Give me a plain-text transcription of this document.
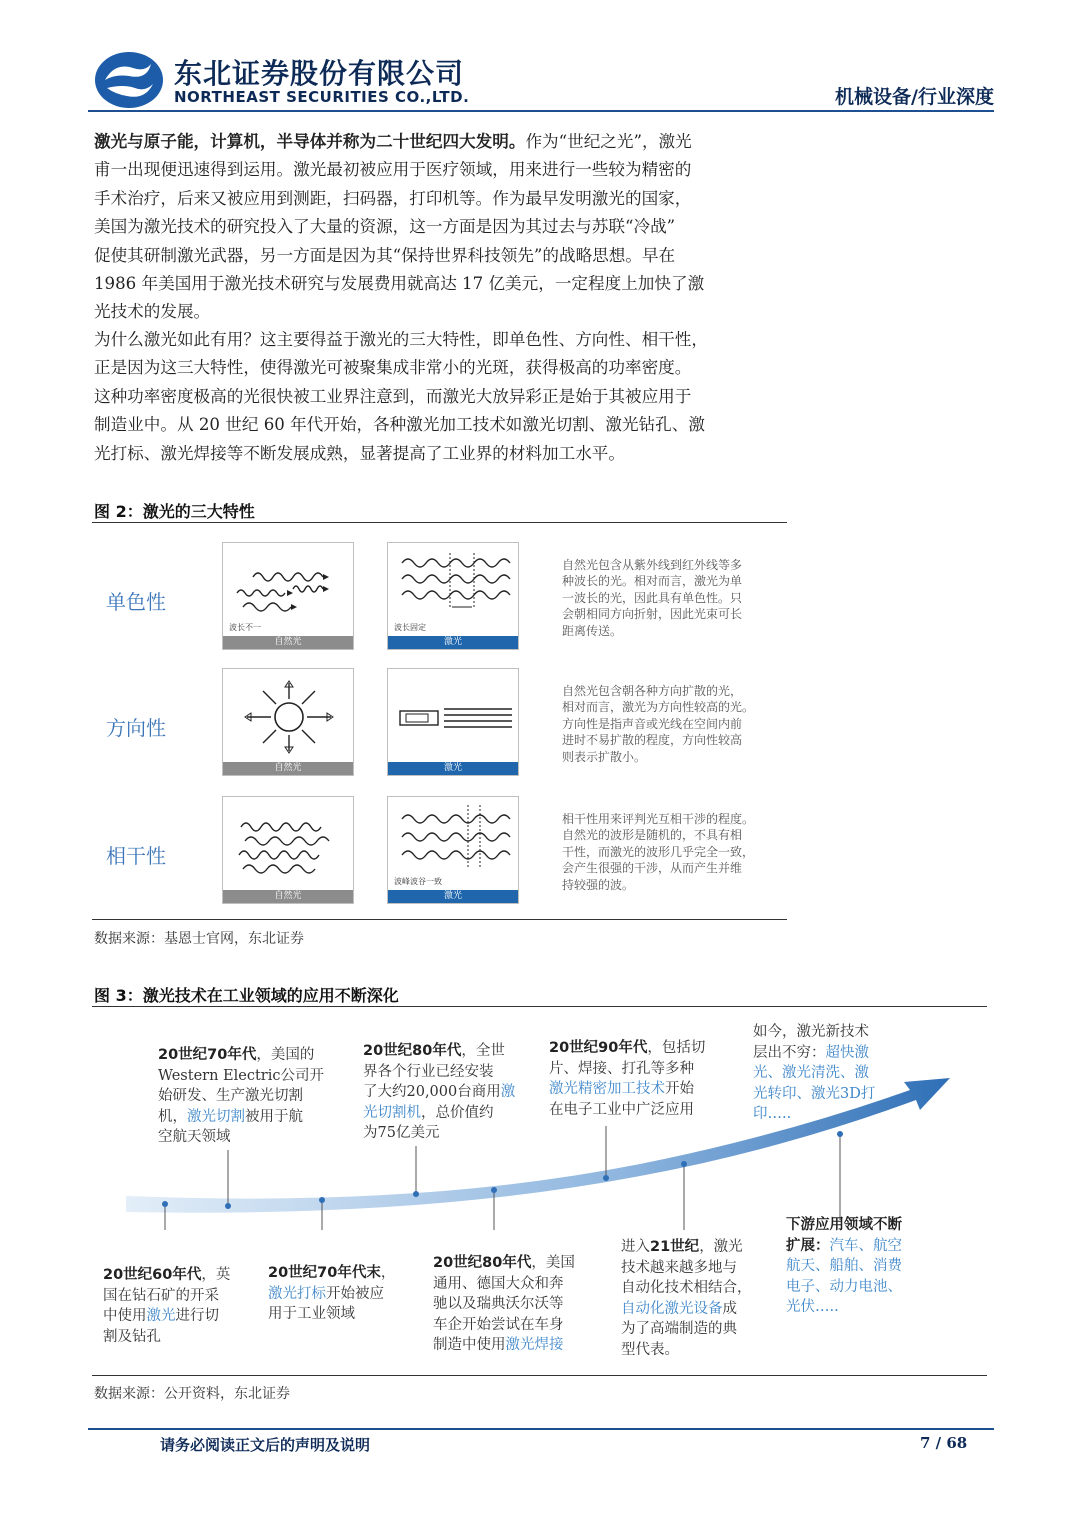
东北证券股份有限公司
NORTHEAST SECURITIES CO.,LTD.	机械设备/行业深度
激光与原子能，计算机，半导体并称为二十世纪四大发明。作为“世纪之光”，激光
甫一出现便迅速得到运用。激光最初被应用于医疗领域，用来进行一些较为精密的
手术治疗，后来又被应用到测距，扫码器，打印机等。作为最早发明激光的国家，
美国为激光技术的研究投入了大量的资源，这一方面是因为其过去与苏联“冷战”
促使其研制激光武器，另一方面是因为其“保持世界科技领先”的战略思想。早在
1986 年美国用于激光技术研究与发展费用就高达 17 亿美元，一定程度上加快了激
光技术的发展。
为什么激光如此有用？这主要得益于激光的三大特性，即单色性、方向性、相干性，
正是因为这三大特性，使得激光可被聚集成非常小的光斑，获得极高的功率密度。
这种功率密度极高的光很快被工业界注意到，而激光大放异彩正是始于其被应用于
制造业中。从 20 世纪 60 年代开始，各种激光加工技术如激光切割、激光钻孔、激
光打标、激光焊接等不断发展成熟，显著提高了工业界的材料加工水平。
图 2：激光的三大特性
单色性
波长不一
自然光
波长固定
激光
自然光包含从紫外线到红外线等多
种波长的光。相对而言，激光为单
一波长的光，因此具有单色性。只
会朝相同方向折射，因此光束可长
距离传送。
方向性
自然光	激光
自然光包含朝各种方向扩散的光，
相对而言，激光为方向性较高的光。
方向性是指声音或光线在空间内前
进时不易扩散的程度，方向性较高
则表示扩散小。
相干性
自然光
波峰波谷一致
激光
相干性用来评判光互相干涉的程度。
自然光的波形是随机的，不具有相
干性，而激光的波形几乎完全一致，
会产生很强的干涉，从而产生并维
持较强的波。
数据来源：基恩士官网，东北证券
图 3：激光技术在工业领域的应用不断深化
20世纪70年代，美国的
Western Electric公司开
始研发、生产激光切割
机，激光切割被用于航
空航天领域
20世纪80年代，全世
界各个行业已经安装
了大约20,000台商用激
光切割机，总价值约
为75亿美元
20世纪90年代，包括切
片、焊接、打孔等多种
激光精密加工技术开始
在电子工业中广泛应用
如今，激光新技术
层出不穷：超快激
光、激光清洗、激
光转印、激光3D打
印…..
20世纪60年代，英
国在钻石矿的开采
中使用激光进行切
割及钻孔
20世纪70年代末，
激光打标开始被应
用于工业领域
20世纪80年代，美国
通用、德国大众和奔
驰以及瑞典沃尔沃等
车企开始尝试在车身
制造中使用激光焊接
进入21世纪，激光
技术越来越多地与
自动化技术相结合，
自动化激光设备成
为了高端制造的典
型代表。
下游应用领域不断
扩展：汽车、航空
航天、船舶、消费
电子、动力电池、
光伏…..
数据来源：公开资料，东北证券
请务必阅读正文后的声明及说明	7 / 68
